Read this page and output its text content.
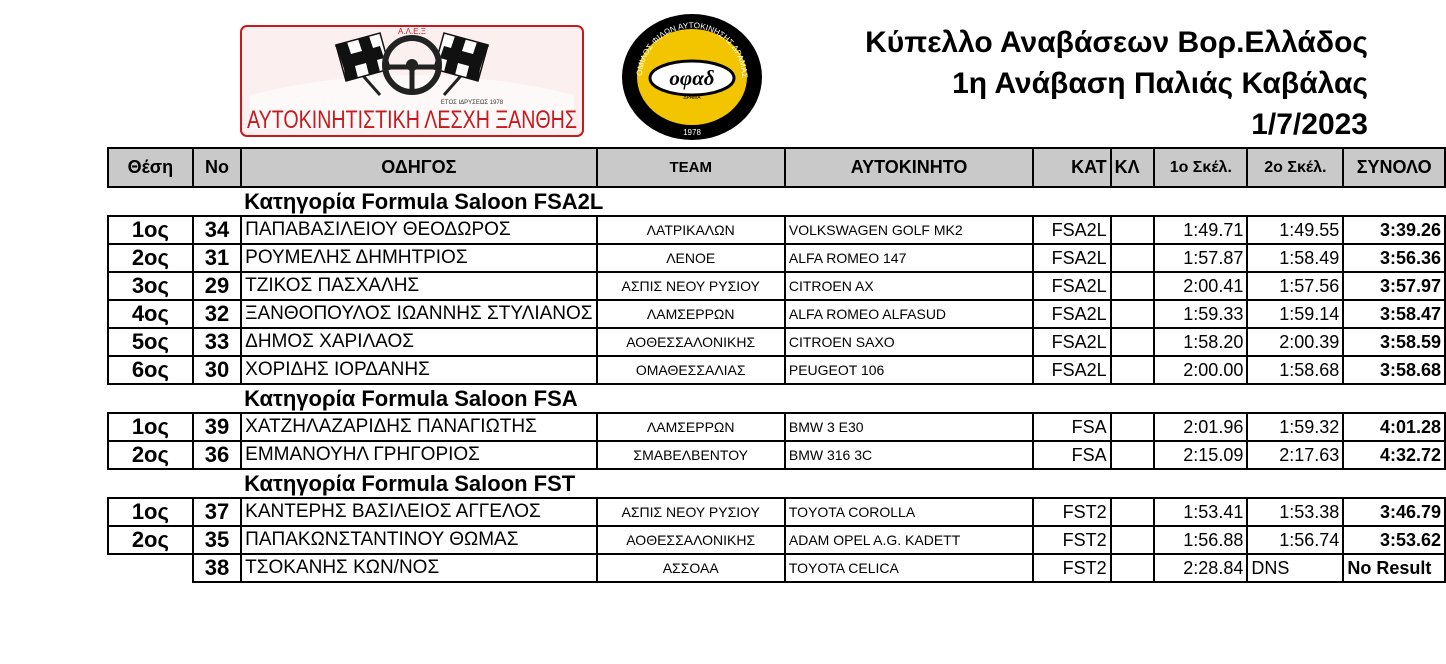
Α.Λ.Ε.Ξ
ΕΤΟΣ ΙΔΡΥΣΕΩΣ 1978
ΑΥΤΟΚΙΝΗΤΙΣΤΙΚΗ ΛΕΣΧΗ ΞΑΝΘΗΣ
ΟΜΙΛΟΣ ΦΙΛΩΝ ΑΥΤΟΚΙΝΗΣΗΣ ΔΡΑΜΑΣ
οφαδ
ΔΡΑΜΑ
1978
Κύπελλο Αναβάσεων Βορ.Ελλάδος
1η Ανάβαση Παλιάς Καβάλας
1/7/2023
Θέση	No	ΟΔΗΓΟΣ	TEAM	ΑΥΤΟΚΙΝΗΤΟ	ΚΑΤ	ΚΛ	1ο Σκέλ.	2ο Σκέλ.	ΣΥΝΟΛΟ
		Κατηγορία Formula Saloon FSA2L							
1ος	34	ΠΑΠΑΒΑΣΙΛΕΙΟΥ ΘΕΟΔΩΡΟΣ	ΛΑΤΡΙΚΑΛΩΝ	VOLKSWAGEN GOLF MK2	FSA2L		1:49.71	1:49.55	3:39.26
2ος	31	ΡΟΥΜΕΛΗΣ ΔΗΜΗΤΡΙΟΣ	ΛΕΝΟΕ	ALFA ROMEO 147	FSA2L		1:57.87	1:58.49	3:56.36
3ος	29	ΤΖΙΚΟΣ ΠΑΣΧΑΛΗΣ	ΑΣΠΙΣ ΝΕΟΥ ΡΥΣΙΟΥ	CITROEN AX	FSA2L		2:00.41	1:57.56	3:57.97
4ος	32	ΞΑΝΘΟΠΟΥΛΟΣ ΙΩΑΝΝΗΣ ΣΤΥΛΙΑΝΟΣ	ΛΑΜΣΕΡΡΩΝ	ALFA ROMEO ALFASUD	FSA2L		1:59.33	1:59.14	3:58.47
5ος	33	ΔΗΜΟΣ ΧΑΡΙΛΑΟΣ	ΑΟΘΕΣΣΑΛΟΝΙΚΗΣ	CITROEN SAXO	FSA2L		1:58.20	2:00.39	3:58.59
6ος	30	ΧΟΡΙΔΗΣ ΙΟΡΔΑΝΗΣ	ΟΜΑΘΕΣΣΑΛΙΑΣ	PEUGEOT 106	FSA2L		2:00.00	1:58.68	3:58.68
		Κατηγορία Formula Saloon FSA							
1ος	39	ΧΑΤΖΗΛΑΖΑΡΙΔΗΣ ΠΑΝΑΓΙΩΤΗΣ	ΛΑΜΣΕΡΡΩΝ	BMW 3 E30	FSA		2:01.96	1:59.32	4:01.28
2ος	36	ΕΜΜΑΝΟΥΗΛ ΓΡΗΓΟΡΙΟΣ	ΣΜΑΒΕΛΒΕΝΤΟΥ	BMW 316 3C	FSA		2:15.09	2:17.63	4:32.72
		Κατηγορία Formula Saloon FST							
1ος	37	ΚΑΝΤΕΡΗΣ ΒΑΣΙΛΕΙΟΣ ΑΓΓΕΛΟΣ	ΑΣΠΙΣ ΝΕΟΥ ΡΥΣΙΟΥ	TOYOTA COROLLA	FST2		1:53.41	1:53.38	3:46.79
2ος	35	ΠΑΠΑΚΩΝΣΤΑΝΤΙΝΟΥ ΘΩΜΑΣ	ΑΟΘΕΣΣΑΛΟΝΙΚΗΣ	ADAM OPEL A.G. KADETT	FST2		1:56.88	1:56.74	3:53.62
	38	ΤΣΟΚΑΝΗΣ ΚΩΝ/ΝΟΣ	ΑΣΣΟΑΑ	TOYOTA CELICA	FST2		2:28.84	DNS	No Result
